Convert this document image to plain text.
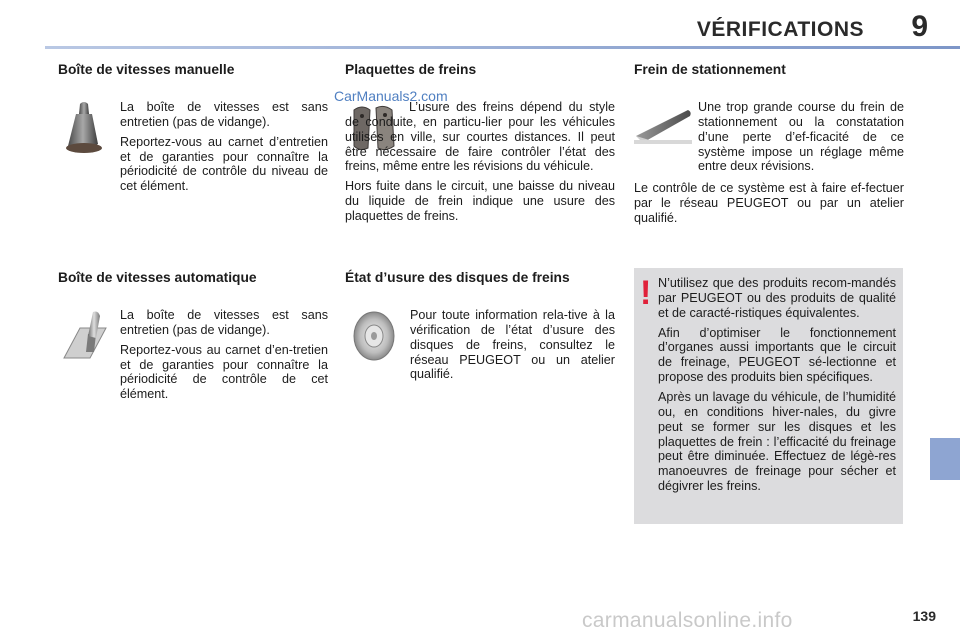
VÉRIFICATIONS 9
Boîte de vitesses manuelle

La boîte de vitesses est sans entretien (pas de vidange).

Reportez-vous au carnet d’entretien et de garanties pour connaître la périodicité de contrôle du niveau de cet élément.

Boîte de vitesses automatique

La boîte de vitesses est sans entretien (pas de vidange).

Reportez-vous au carnet d’en-tretien et de garanties pour connaître la périodicité de contrôle de cet élément.

Plaquettes de freins

L’usure des freins dépend du style de conduite, en particu-lier pour les véhicules utilisés en ville, sur courtes distances. Il peut être nécessaire de faire contrôler l’état des freins, même entre les révisions du véhicule.

Hors fuite dans le circuit, une baisse du niveau du liquide de frein indique une usure des plaquettes de freins.

CarManuals2.com
État d’usure des disques de freins

Pour toute information rela-tive à la vérification de l’état d’usure des disques de freins, consultez le réseau PEUGEOT ou un atelier qualifié.

Frein de stationnement

Une trop grande course du frein de stationnement ou la constatation d’une perte d’ef-ficacité de ce système impose un réglage même entre deux révisions.

Le contrôle de ce système est à faire ef-fectuer par le réseau PEUGEOT ou par un atelier qualifié.

! N’utilisez que des produits recom-mandés par PEUGEOT ou des produits de qualité et de caracté-ristiques équivalentes.

Afin d’optimiser le fonctionnement d’organes aussi importants que le circuit de freinage, PEUGEOT sé-lectionne et propose des produits bien spécifiques.

Après un lavage du véhicule, de l’humidité ou, en conditions hiver-nales, du givre peut se former sur les disques et les plaquettes de frein : l’efficacité du freinage peut être diminuée. Effectuez de légè-res manoeuvres de freinage pour sécher et dégivrer les freins.

carmanualsonline.info	139
